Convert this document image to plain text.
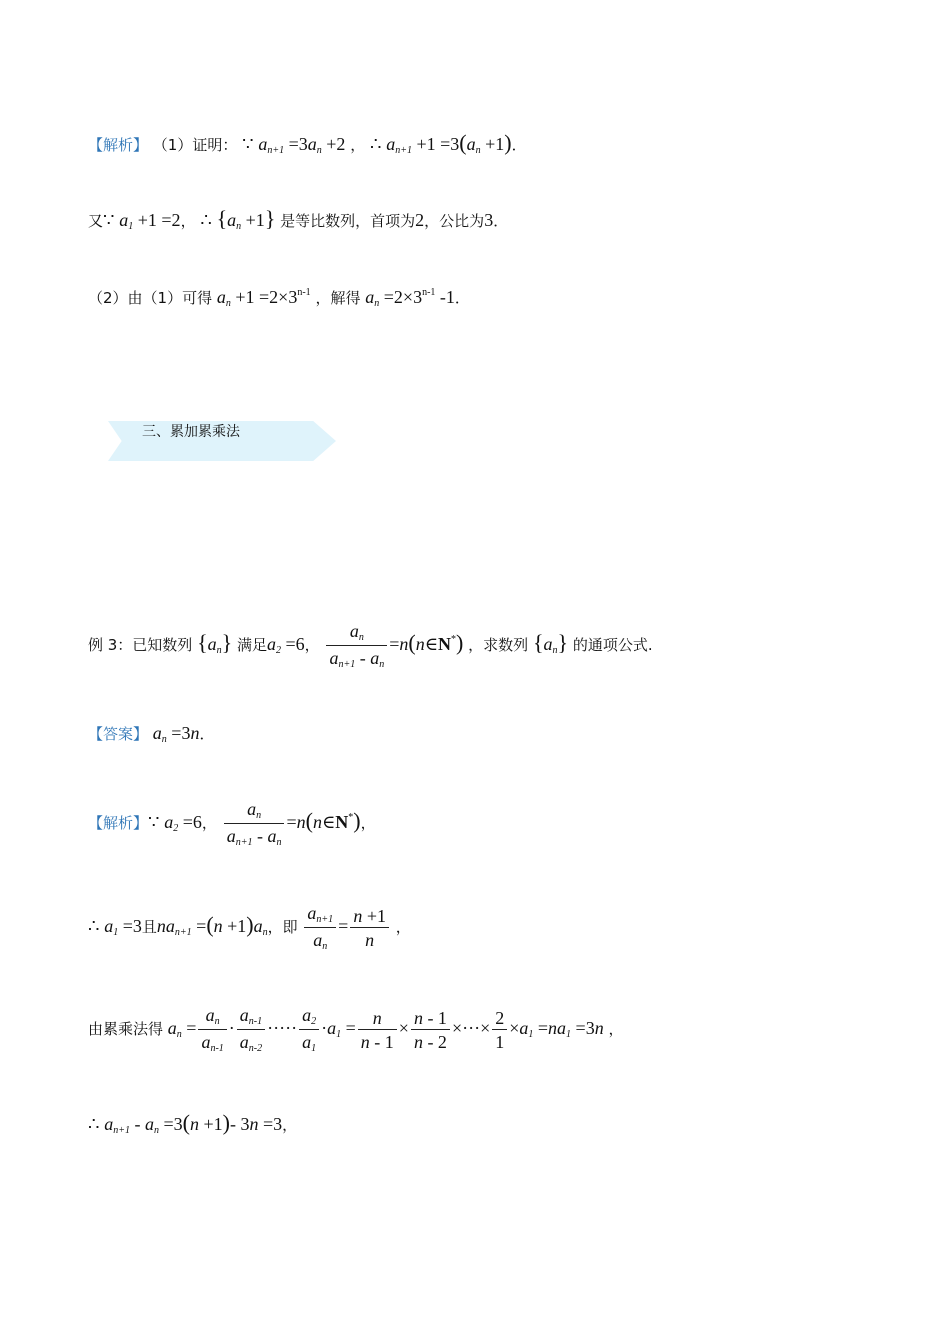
【解析】 （1）证明： ∵ $a_{n+1} =3a_n +2$ ， ∴ $a_{n+1} +1 =3(a_n +1)$．
又∵ $a_1 +1 =2$， ∴ $\{a_n +1\}$ 是等比数列，首项为2，公比为3．
（2）由（1）可得 $a_n +1 =2\times 3^{n-1}$ ，解得 $a_n =2\times 3^{n-1}$ -1．
三、累加累乘法
例 3：已知数列 $\{a_n\}$ 满足$a_2 =6$， $\frac{a_n}{a_{n+1} - a_n}$ =n(n∈N*) ，求数列 $\{a_n\}$ 的通项公式.
【答案】 $a_n =3n$．
【解析】∵ $a_2 =6$， $\frac{a_n}{a_{n+1} - a_n}$ =n(n∈N*)，
∴ $a_1 =3$且$na_{n+1} =(n +1)a_n$，即 $\frac{a_{n+1}}{a_n} = \frac{n +1}{n}$ ，
由累乘法得 $a_n = \frac{a_n}{a_{n-1}} \cdot \frac{a_{n-1}}{a_{n-2}}$ ····· $\frac{a_2}{a_1} \cdot a_1 = \frac{n}{n - 1} \times \frac{n - 1}{n - 2}$ ×···× $\frac{2}{1} \times a_1 =na_1 =3n$ ，
∴ $a_{n+1} - a_n =3(n +1)-$ 3n =3，
